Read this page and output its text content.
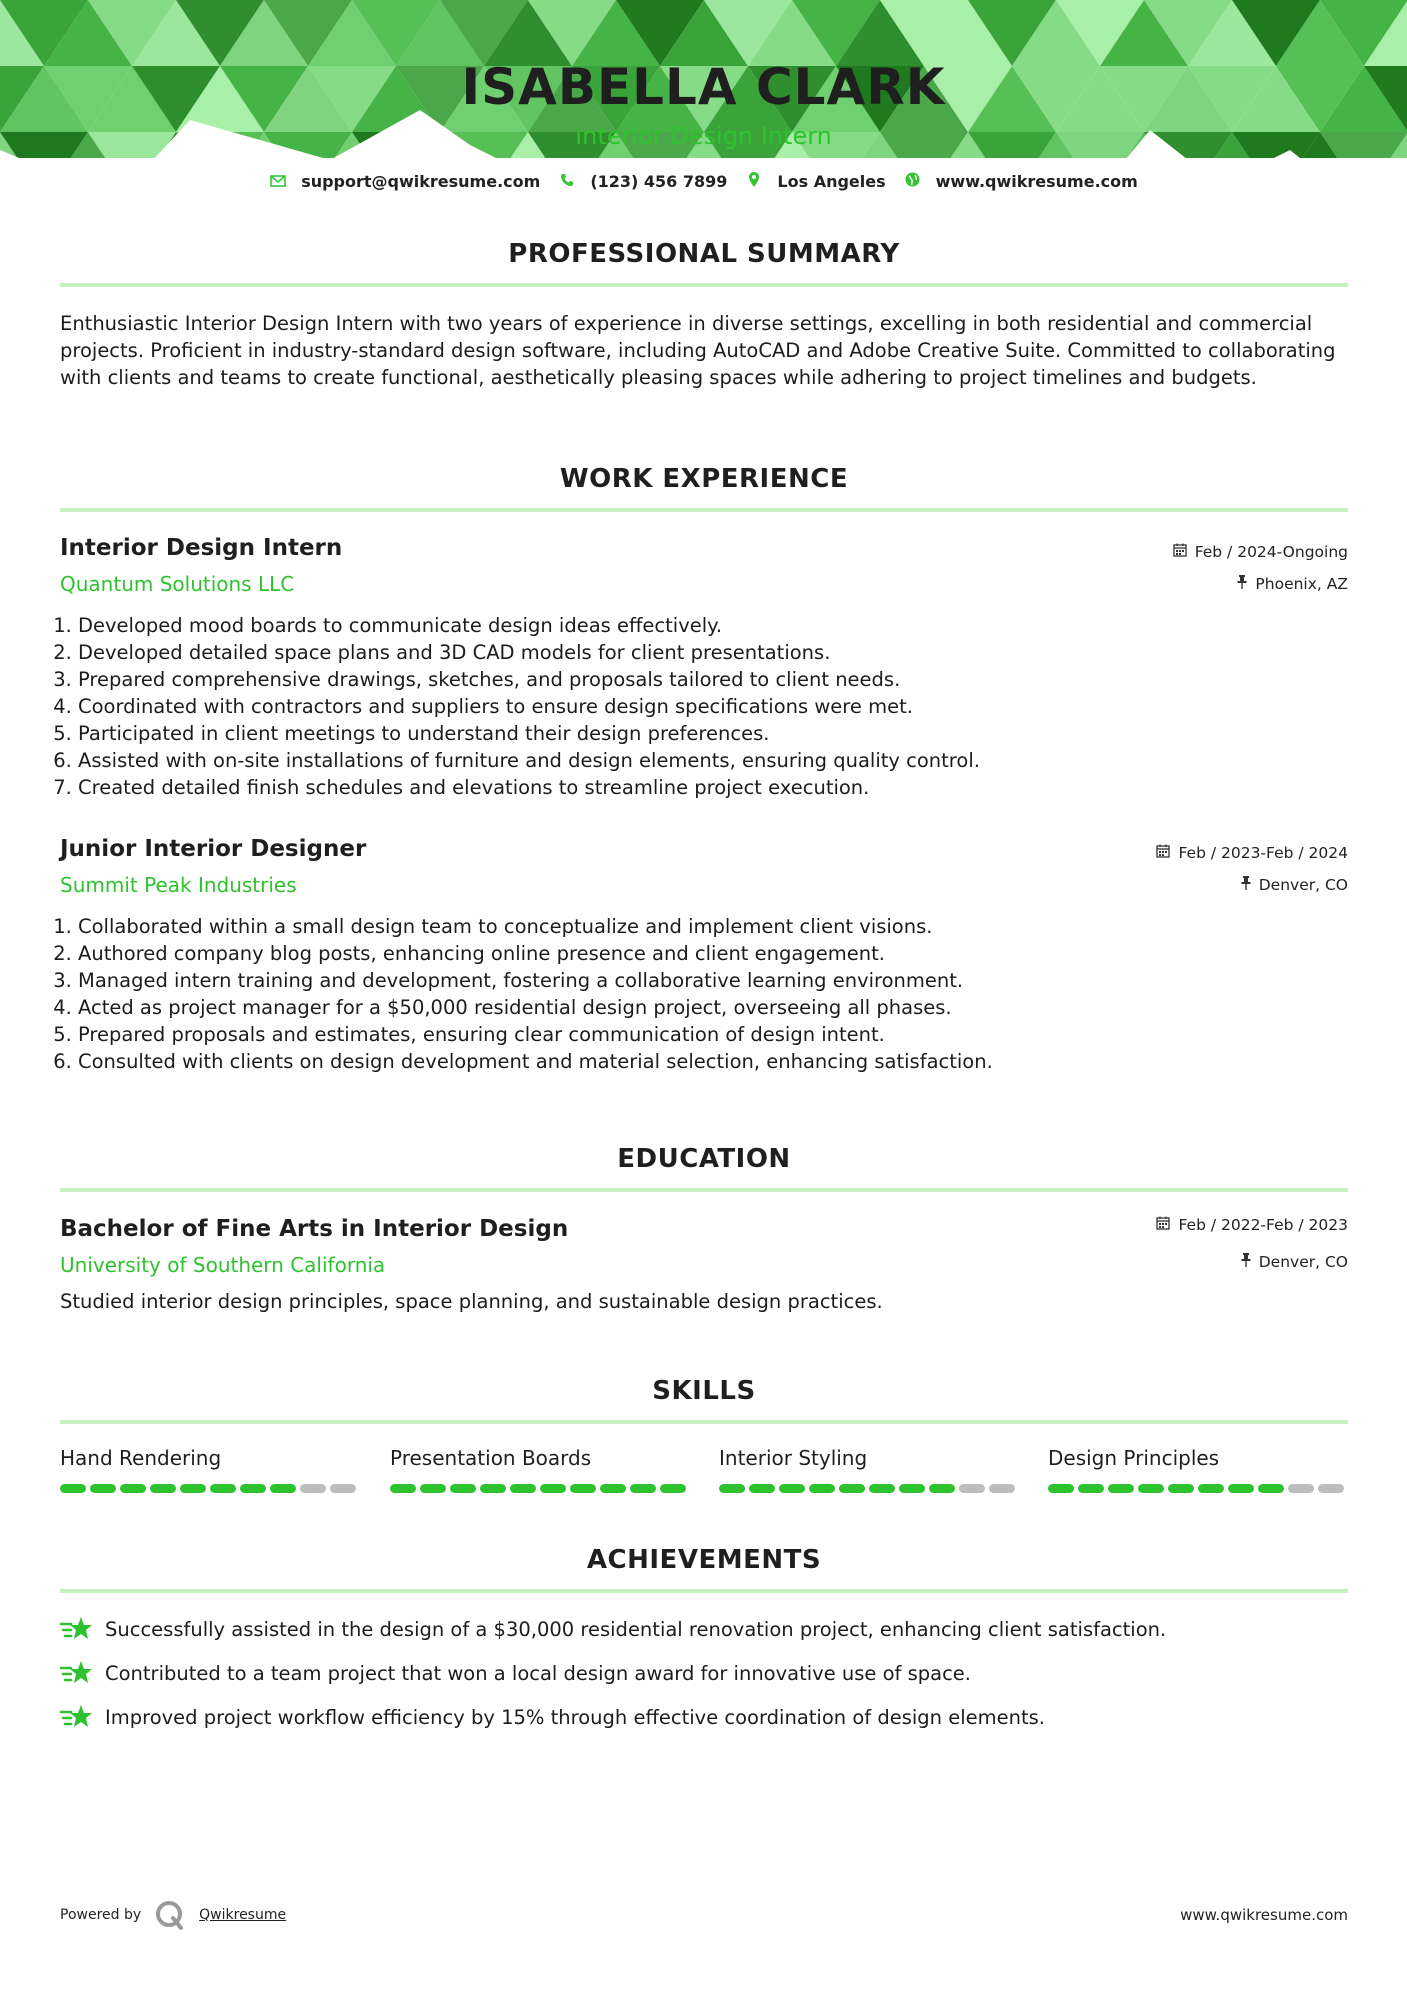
ISABELLA CLARK
Interior Design Intern
support@qwikresume.com	(123) 456 7899	Los Angeles	www.qwikresume.com
PROFESSIONAL SUMMARY
Enthusiastic Interior Design Intern with two years of experience in diverse settings, excelling in both residential and commercial projects. Proficient in industry-standard design software, including AutoCAD and Adobe Creative Suite. Committed to collaborating with clients and teams to create functional, aesthetically pleasing spaces while adhering to project timelines and budgets.
WORK EXPERIENCE
Interior Design Intern
Quantum Solutions LLC
Feb / 2024-Ongoing
Phoenix, AZ
1. Developed mood boards to communicate design ideas effectively.
2. Developed detailed space plans and 3D CAD models for client presentations.
3. Prepared comprehensive drawings, sketches, and proposals tailored to client needs.
4. Coordinated with contractors and suppliers to ensure design specifications were met.
5. Participated in client meetings to understand their design preferences.
6. Assisted with on-site installations of furniture and design elements, ensuring quality control.
7. Created detailed finish schedules and elevations to streamline project execution.
Junior Interior Designer
Summit Peak Industries
Feb / 2023-Feb / 2024
Denver, CO
1. Collaborated within a small design team to conceptualize and implement client visions.
2. Authored company blog posts, enhancing online presence and client engagement.
3. Managed intern training and development, fostering a collaborative learning environment.
4. Acted as project manager for a $50,000 residential design project, overseeing all phases.
5. Prepared proposals and estimates, ensuring clear communication of design intent.
6. Consulted with clients on design development and material selection, enhancing satisfaction.
EDUCATION
Bachelor of Fine Arts in Interior Design
University of Southern California
Feb / 2022-Feb / 2023
Denver, CO
Studied interior design principles, space planning, and sustainable design practices.
SKILLS
Hand Rendering	Presentation Boards	Interior Styling	Design Principles
ACHIEVEMENTS
Successfully assisted in the design of a $30,000 residential renovation project, enhancing client satisfaction.
Contributed to a team project that won a local design award for innovative use of space.
Improved project workflow efficiency by 15% through effective coordination of design elements.
Powered by	Qwikresume	www.qwikresume.com
